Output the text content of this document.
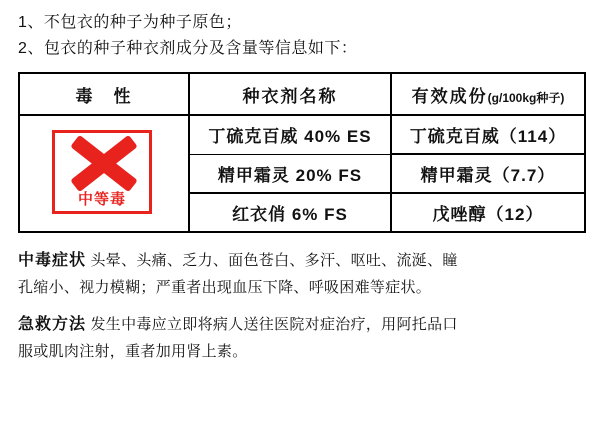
1、不包衣的种子为种子原色；
2、包衣的种子种衣剂成分及含量等信息如下：
毒　性	种衣剂名称	有效成份(g/100kg种子)

中等毒	丁硫克百威 40% ES	丁硫克百威（114）
	精甲霜灵 20% FS	精甲霜灵（7.7）
	红衣俏 6% FS	戊唑醇（12）
中毒症状 头晕、头痛、乏力、面色苍白、多汗、呕吐、流涎、瞳
孔缩小、视力模糊；严重者出现血压下降、呼吸困难等症状。
急救方法 发生中毒应立即将病人送往医院对症治疗，用阿托品口
服或肌肉注射，重者加用肾上素。
